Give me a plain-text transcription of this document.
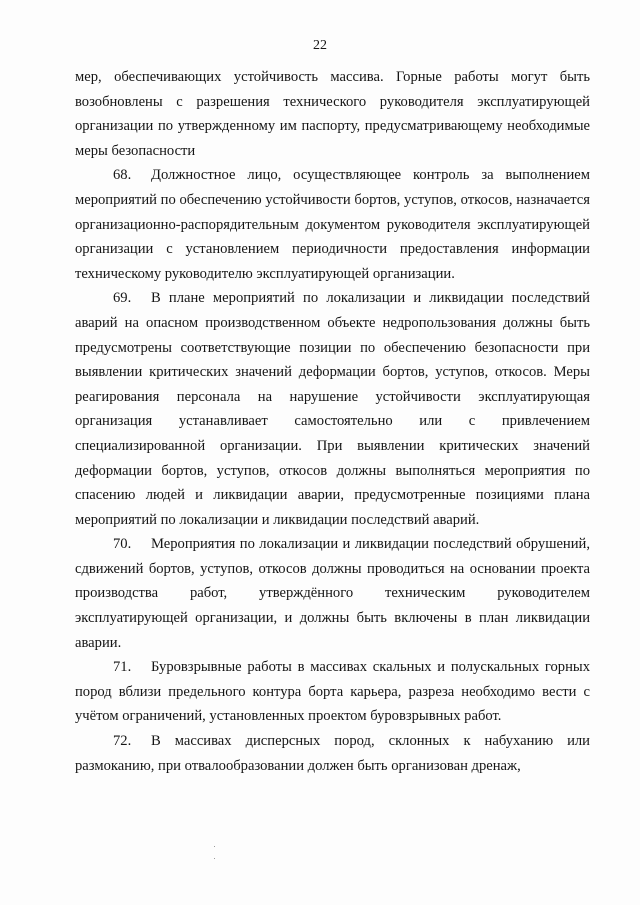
22

мер, обеспечивающих устойчивость массива. Горные работы могут быть возобновлены с разрешения технического руководителя эксплуатирующей организации по утвержденному им паспорту, предусматривающему необходимые меры безопасности

68. Должностное лицо, осуществляющее контроль за выполнением мероприятий по обеспечению устойчивости бортов, уступов, откосов, назначается организационно-распорядительным документом руководителя эксплуатирующей организации с установлением периодичности предоставления информации техническому руководителю эксплуатирующей организации.

69. В плане мероприятий по локализации и ликвидации последствий аварий на опасном производственном объекте недропользования должны быть предусмотрены соответствующие позиции по обеспечению безопасности при выявлении критических значений деформации бортов, уступов, откосов. Меры реагирования персонала на нарушение устойчивости эксплуатирующая организация устанавливает самостоятельно или с привлечением специализированной организации. При выявлении критических значений деформации бортов, уступов, откосов должны выполняться мероприятия по спасению людей и ликвидации аварии, предусмотренные позициями плана мероприятий по локализации и ликвидации последствий аварий.

70. Мероприятия по локализации и ликвидации последствий обрушений, сдвижений бортов, уступов, откосов должны проводиться на основании проекта производства работ, утверждённого техническим руководителем эксплуатирующей организации, и должны быть включены в план ликвидации аварии.

71. Буровзрывные работы в массивах скальных и полускальных горных пород вблизи предельного контура борта карьера, разреза необходимо вести с учётом ограничений, установленных проектом буровзрывных работ.

72. В массивах дисперсных пород, склонных к набуханию или размоканию, при отвалообразовании должен быть организован дренаж,
